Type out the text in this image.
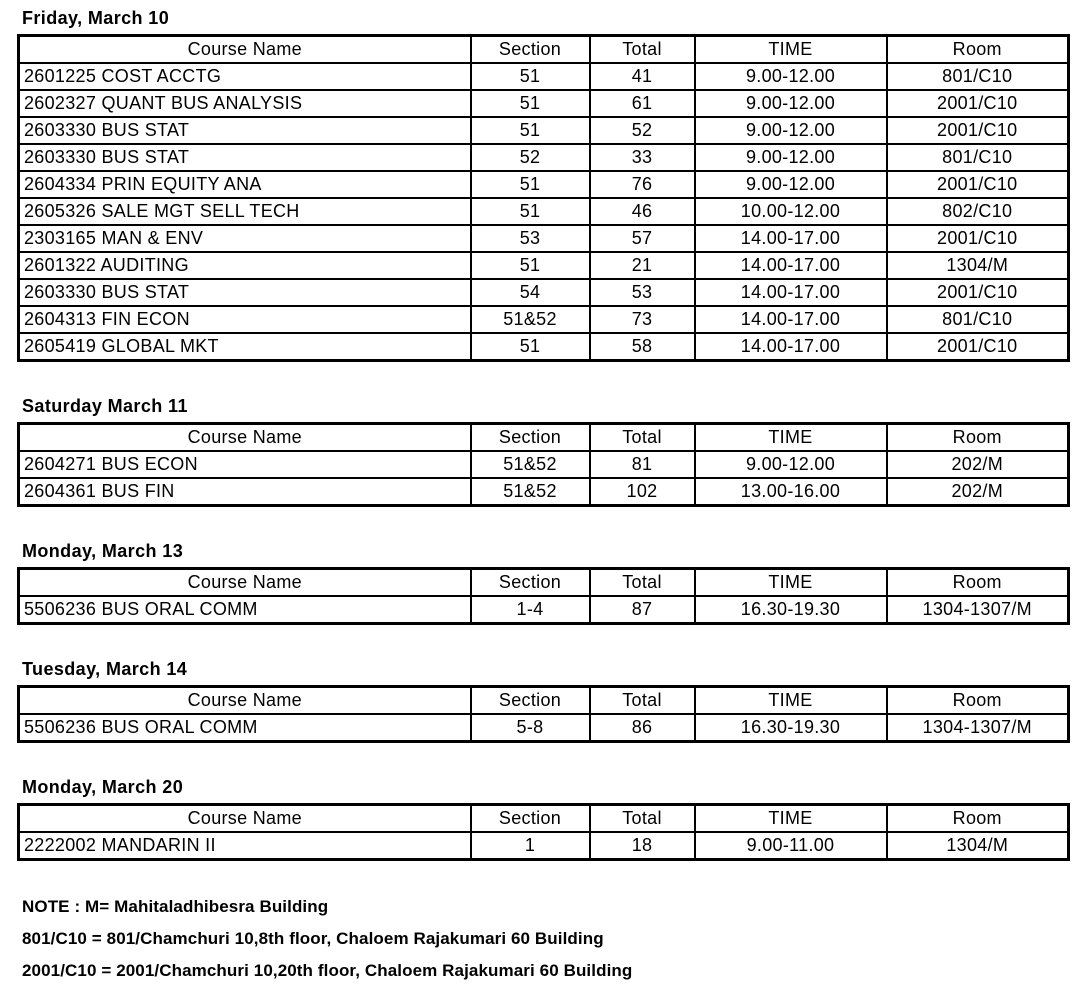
Friday, March 10
Course Name	Section	Total	TIME	Room
2601225 COST ACCTG	51	41	9.00-12.00	801/C10
2602327 QUANT BUS ANALYSIS	51	61	9.00-12.00	2001/C10
2603330 BUS STAT	51	52	9.00-12.00	2001/C10
2603330 BUS STAT	52	33	9.00-12.00	801/C10
2604334 PRIN EQUITY ANA	51	76	9.00-12.00	2001/C10
2605326 SALE MGT SELL TECH	51	46	10.00-12.00	802/C10
2303165 MAN & ENV	53	57	14.00-17.00	2001/C10
2601322 AUDITING	51	21	14.00-17.00	1304/M
2603330 BUS STAT	54	53	14.00-17.00	2001/C10
2604313 FIN ECON	51&52	73	14.00-17.00	801/C10
2605419 GLOBAL MKT	51	58	14.00-17.00	2001/C10
Saturday March 11
Course Name	Section	Total	TIME	Room
2604271 BUS ECON	51&52	81	9.00-12.00	202/M
2604361 BUS FIN	51&52	102	13.00-16.00	202/M
Monday, March 13
Course Name	Section	Total	TIME	Room
5506236 BUS ORAL COMM	1-4	87	16.30-19.30	1304-1307/M
Tuesday, March 14
Course Name	Section	Total	TIME	Room
5506236 BUS ORAL COMM	5-8	86	16.30-19.30	1304-1307/M
Monday, March 20
Course Name	Section	Total	TIME	Room
2222002 MANDARIN II	1	18	9.00-11.00	1304/M
NOTE : M= Mahitaladhibesra Building
801/C10 = 801/Chamchuri 10,8th floor, Chaloem Rajakumari 60 Building
2001/C10 = 2001/Chamchuri 10,20th floor, Chaloem Rajakumari 60 Building
